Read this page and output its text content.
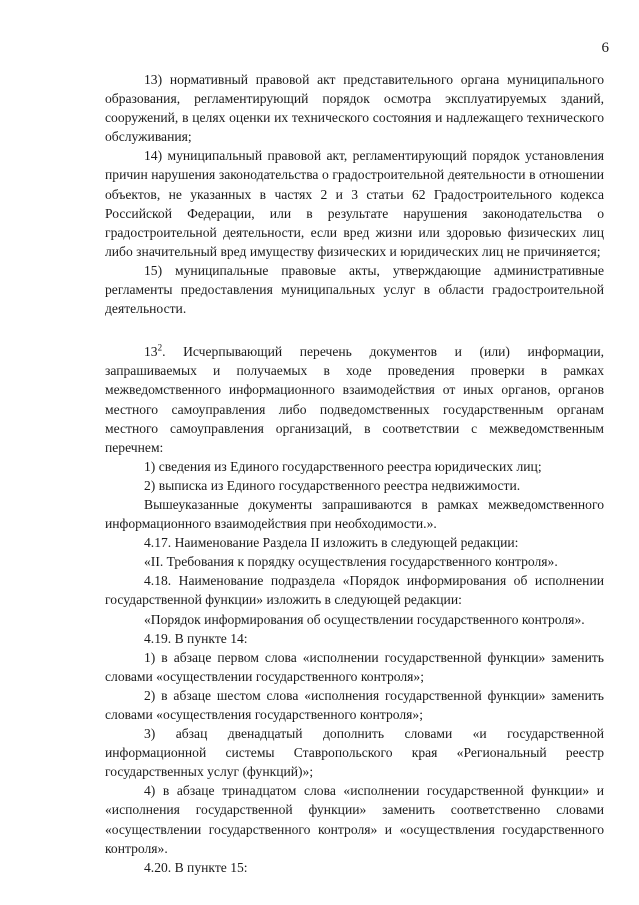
6

13) нормативный правовой акт представительного органа муниципального образования, регламентирующий порядок осмотра эксплуатируемых зданий, сооружений, в целях оценки их технического состояния и надлежащего технического обслуживания;

14) муниципальный правовой акт, регламентирующий порядок установления причин нарушения законодательства о градостроительной деятельности в отношении объектов, не указанных в частях 2 и 3 статьи 62 Градостроительного кодекса Российской Федерации, или в результате нарушения законодательства о градостроительной деятельности, если вред жизни или здоровью физических лиц либо значительный вред имуществу физических и юридических лиц не причиняется;

15) муниципальные правовые акты, утверждающие административные регламенты предоставления муниципальных услуг в области градостроительной деятельности.

$13^2$. Исчерпывающий перечень документов и (или) информации, запрашиваемых и получаемых в ходе проведения проверки в рамках межведомственного информационного взаимодействия от иных органов, органов местного самоуправления либо подведомственных государственным органам местного самоуправления организаций, в соответствии с межведомственным перечнем:

1) сведения из Единого государственного реестра юридических лиц;

2) выписка из Единого государственного реестра недвижимости.

Вышеуказанные документы запрашиваются в рамках межведомственного информационного взаимодействия при необходимости.».

4.17. Наименование Раздела II изложить в следующей редакции:

«II. Требования к порядку осуществления государственного контроля».

4.18. Наименование подраздела «Порядок информирования об исполнении государственной функции» изложить в следующей редакции:

«Порядок информирования об осуществлении государственного контроля».

4.19. В пункте 14:

1) в абзаце первом слова «исполнении государственной функции» заменить словами «осуществлении государственного контроля»;

2) в абзаце шестом слова «исполнения государственной функции» заменить словами «осуществления государственного контроля»;

3) абзац двенадцатый дополнить словами «и государственной информационной системы Ставропольского края «Региональный реестр государственных услуг (функций)»;

4) в абзаце тринадцатом слова «исполнении государственной функции» и «исполнения государственной функции» заменить соответственно словами «осуществлении государственного контроля» и «осуществления государственного контроля».

4.20. В пункте 15:
